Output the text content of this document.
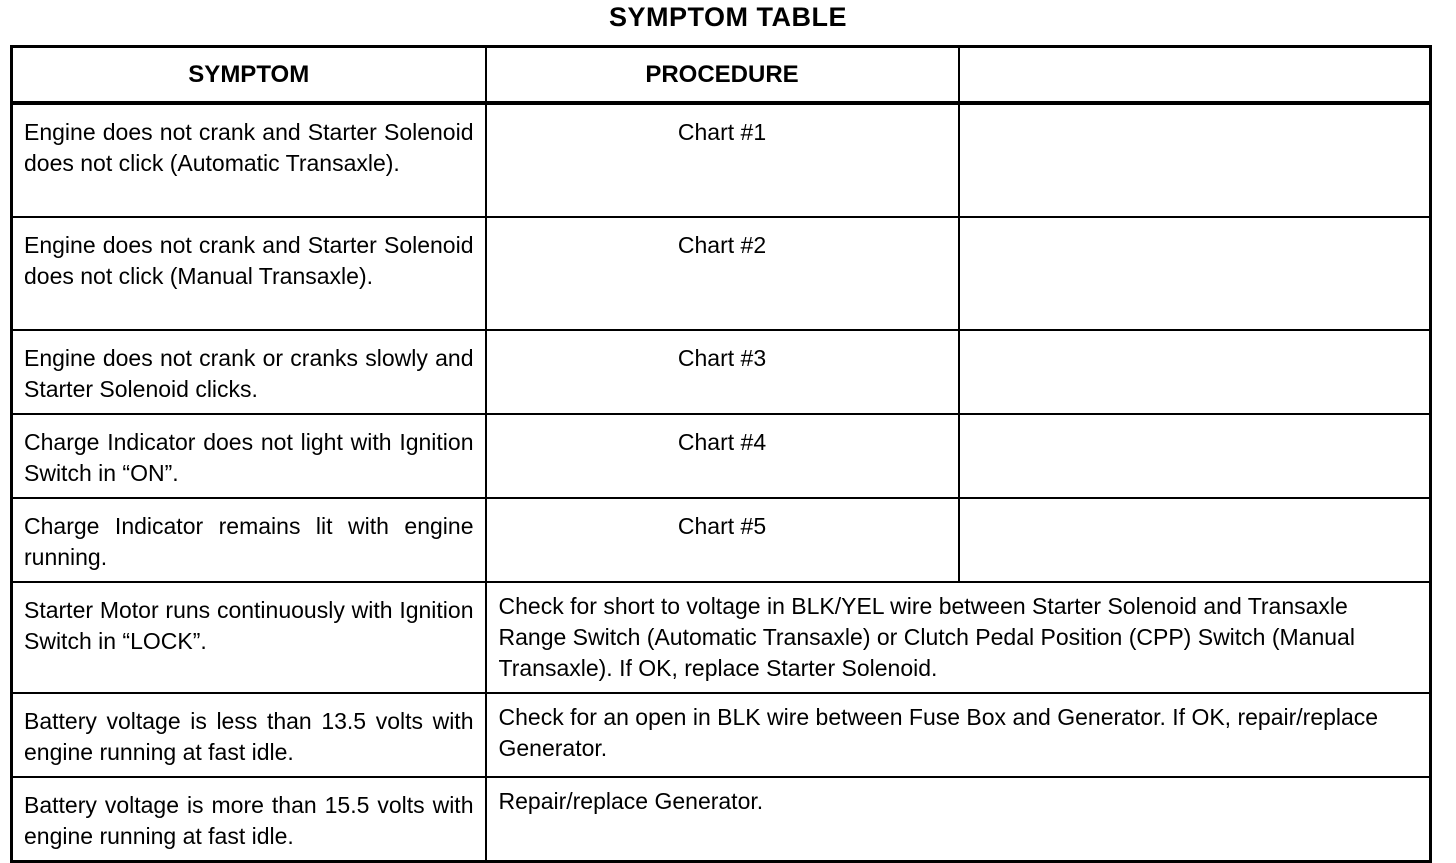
SYMPTOM TABLE
SYMPTOM	PROCEDURE	

Engine does not crank and Starter Solenoid does not click (Automatic Transaxle).	Chart #1	

Engine does not crank and Starter Solenoid does not click (Manual Transaxle).	Chart #2	

Engine does not crank or cranks slowly and Starter Solenoid clicks.	Chart #3	

Charge Indicator does not light with Ignition Switch in “ON”.	Chart #4	

Charge Indicator remains lit with engine running.	Chart #5	

Starter Motor runs continuously with Ignition Switch in “LOCK”.	Check for short to voltage in BLK/YEL wire between Starter Solenoid and Transaxle Range Switch (Automatic Transaxle) or Clutch Pedal Position (CPP) Switch (Manual Transaxle). If OK, replace Starter Solenoid.	

Battery voltage is less than 13.5 volts with engine running at fast idle.	Check for an open in BLK wire between Fuse Box and Generator. If OK, repair/replace Generator.	

Battery voltage is more than 15.5 volts with engine running at fast idle.	Repair/replace Generator.	
